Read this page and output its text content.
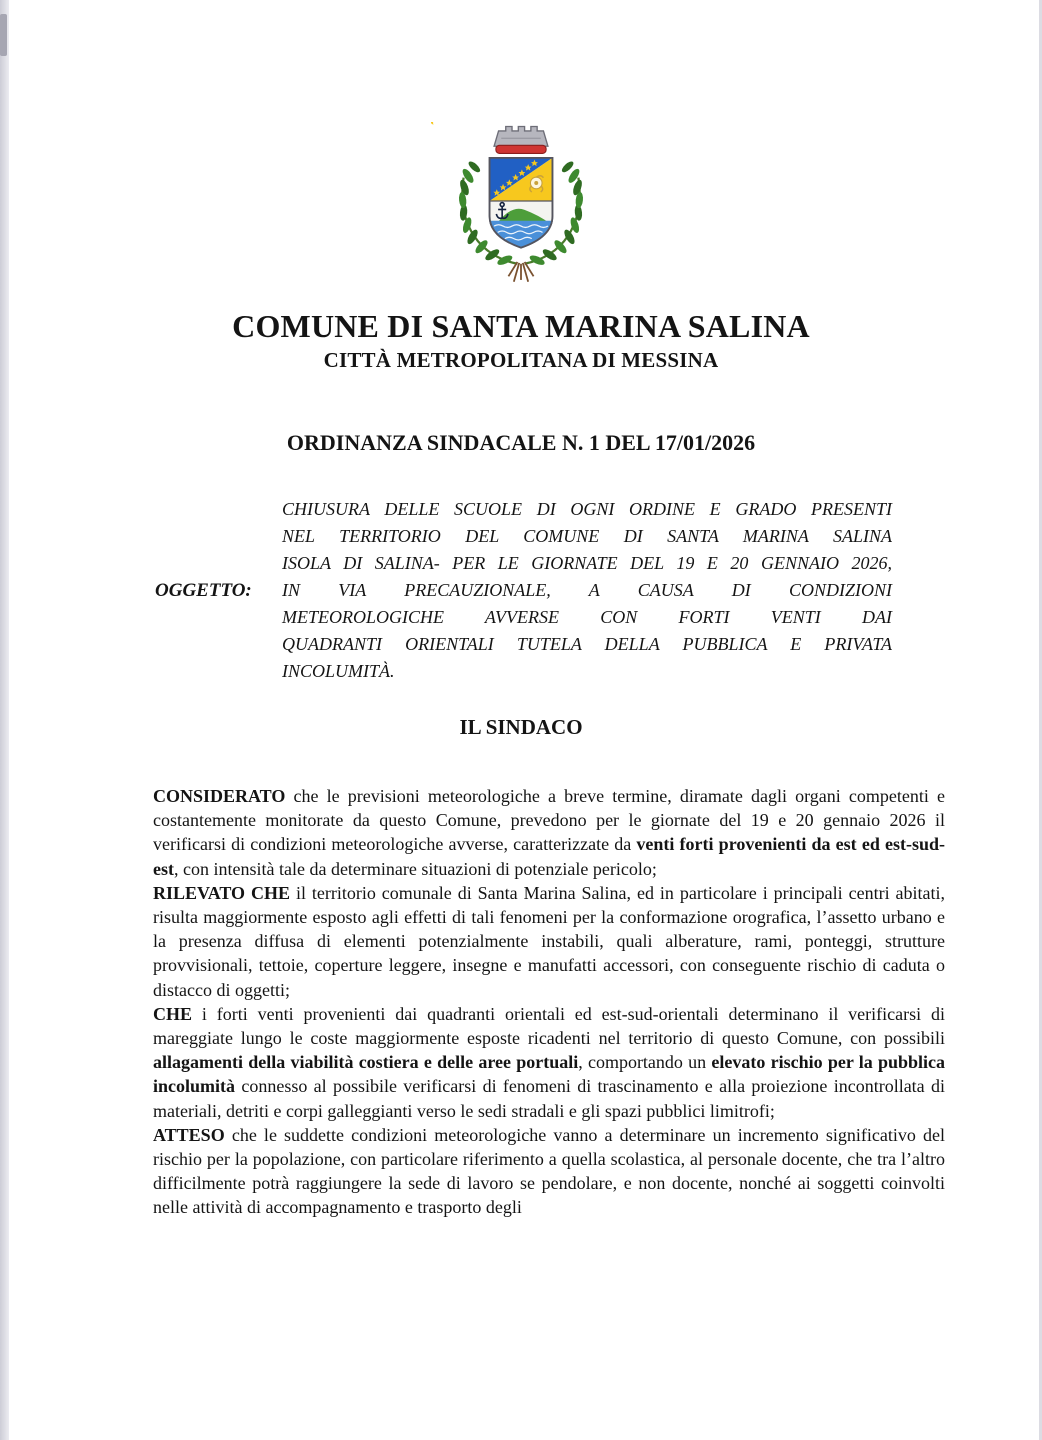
COMUNE DI SANTA MARINA SALINA
CITTÀ METROPOLITANA DI MESSINA
ORDINANZA SINDACALE N. 1 DEL 17/01/2026
OGGETTO:
CHIUSURA DELLE SCUOLE DI OGNI ORDINE E GRADO PRESENTI
NEL TERRITORIO DEL COMUNE DI SANTA MARINA SALINA
ISOLA DI SALINA- PER LE GIORNATE DEL 19 E 20 GENNAIO 2026,
IN VIA PRECAUZIONALE, A CAUSA DI CONDIZIONI
METEOROLOGICHE AVVERSE CON FORTI VENTI DAI
QUADRANTI ORIENTALI TUTELA DELLA PUBBLICA E PRIVATA
INCOLUMITÀ.
IL SINDACO

CONSIDERATO che le previsioni meteorologiche a breve termine, diramate dagli organi competenti e costantemente monitorate da questo Comune, prevedono per le giornate del 19 e 20 gennaio 2026 il verificarsi di condizioni meteorologiche avverse, caratterizzate da venti forti provenienti da est ed est-sud-est, con intensità tale da determinare situazioni di potenziale pericolo;

RILEVATO CHE il territorio comunale di Santa Marina Salina, ed in particolare i principali centri abitati, risulta maggiormente esposto agli effetti di tali fenomeni per la conformazione orografica, l’assetto urbano e la presenza diffusa di elementi potenzialmente instabili, quali alberature, rami, ponteggi, strutture provvisionali, tettoie, coperture leggere, insegne e manufatti accessori, con conseguente rischio di caduta o distacco di oggetti;

CHE i forti venti provenienti dai quadranti orientali ed est-sud-orientali determinano il verificarsi di mareggiate lungo le coste maggiormente esposte ricadenti nel territorio di questo Comune, con possibili allagamenti della viabilità costiera e delle aree portuali, comportando un elevato rischio per la pubblica incolumità connesso al possibile verificarsi di fenomeni di trascinamento e alla proiezione incontrollata di materiali, detriti e corpi galleggianti verso le sedi stradali e gli spazi pubblici limitrofi;

ATTESO che le suddette condizioni meteorologiche vanno a determinare un incremento significativo del rischio per la popolazione, con particolare riferimento a quella scolastica, al personale docente, che tra l’altro difficilmente potrà raggiungere la sede di lavoro se pendolare, e non docente, nonché ai soggetti coinvolti nelle attività di accompagnamento e trasporto degli
